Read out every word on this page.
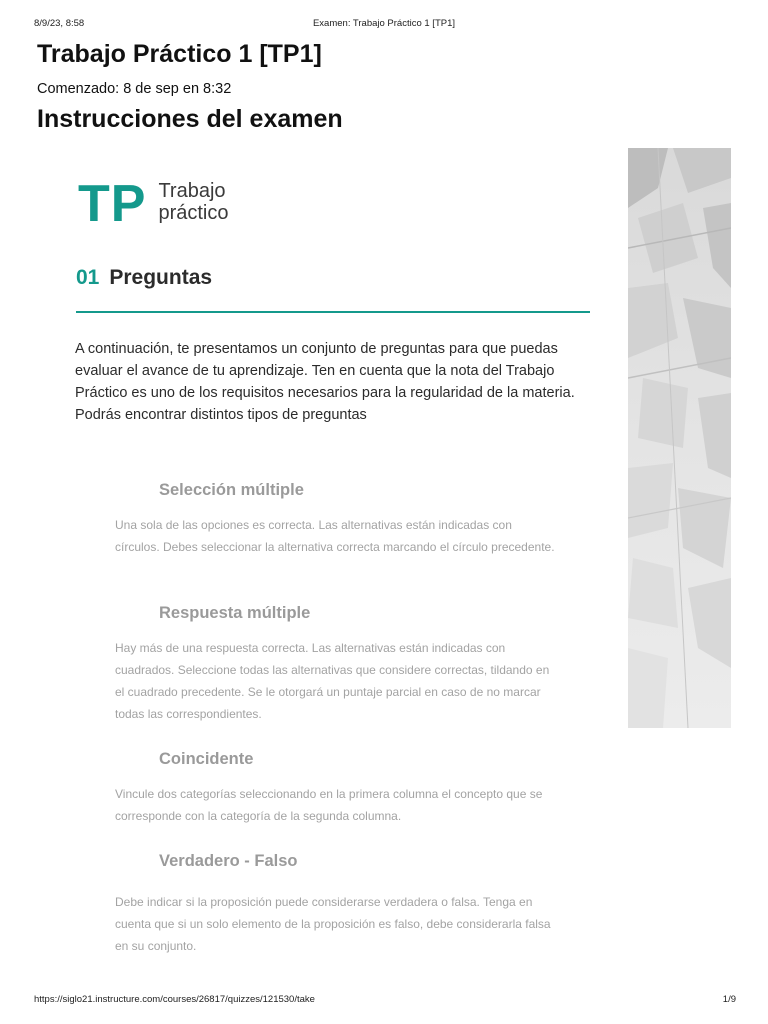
8/9/23, 8:58	Examen: Trabajo Práctico 1 [TP1]
Trabajo Práctico 1 [TP1]
Comenzado: 8 de sep en 8:32
Instrucciones del examen
TP Trabajo
práctico
01 Preguntas

A continuación, te presentamos un conjunto de preguntas para que puedas evaluar el avance de tu aprendizaje. Ten en cuenta que la nota del Trabajo Práctico es uno de los requisitos necesarios para la regularidad de la materia. Podrás encontrar distintos tipos de preguntas

Selección múltiple

Una sola de las opciones es correcta. Las alternativas están indicadas con círculos. Debes seleccionar la alternativa correcta marcando el círculo precedente.

Respuesta múltiple

Hay más de una respuesta correcta. Las alternativas están indicadas con cuadrados. Seleccione todas las alternativas que considere correctas, tildando en el cuadrado precedente. Se le otorgará un puntaje parcial en caso de no marcar todas las correspondientes.

Coincidente

Vincule dos categorías seleccionando en la primera columna el concepto que se corresponde con la categoría de la segunda columna.

Verdadero - Falso

Debe indicar si la proposición puede considerarse verdadera o falsa. Tenga en cuenta que si un solo elemento de la proposición es falso, debe considerarla falsa en su conjunto.

https://siglo21.instructure.com/courses/26817/quizzes/121530/take	1/9
